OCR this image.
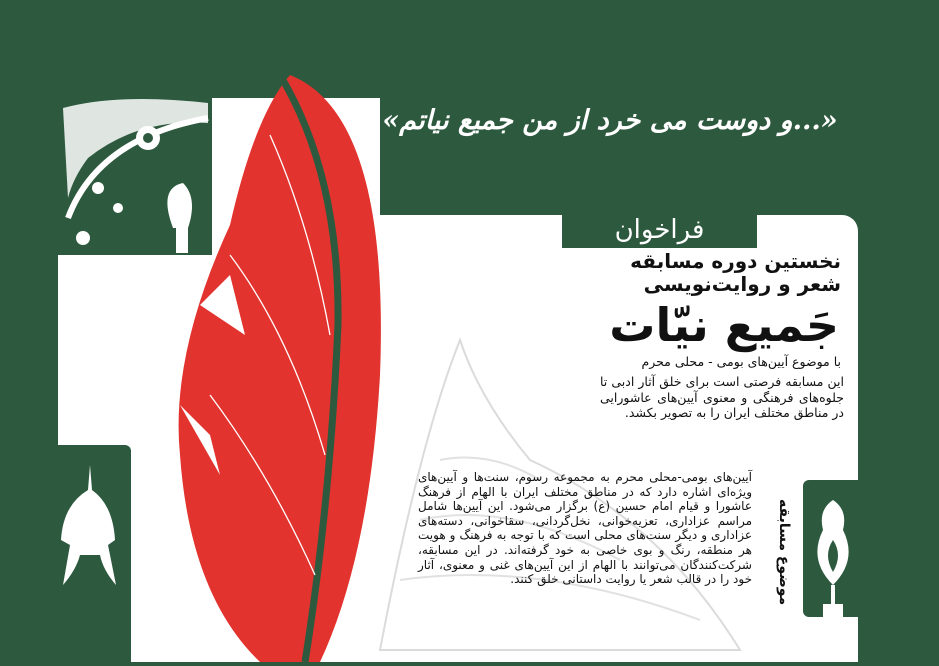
«...و دوست می خرد از من جمیع نیاتم»
فراخوان
نخستین دوره مسابقه
شعر و روایت‌نویسی
جَمیع نیّات
با موضوع آیین‌های بومی - محلی محرم
این مسابقه فرصتی است برای خلق آثار ادبی تا جلوه‌های فرهنگی و معنوی آیین‌های عاشورایی در مناطق مختلف ایران را به تصویر بکشد.
موضوع مسابقه
آیین‌های بومی-محلی محرم به مجموعه رسوم، سنت‌ها و آیین‌های ویژه‌ای اشاره دارد که در مناطق مختلف ایران با الهام از فرهنگ عاشورا و قیام امام حسین (ع) برگزار می‌شود. این آیین‌ها شامل مراسم عزاداری، تعزیه‌خوانی، نخل‌گردانی، سقاخوانی، دسته‌های عزاداری و دیگر سنت‌های محلی است که با توجه به فرهنگ و هویت هر منطقه، رنگ و بوی خاصی به خود گرفته‌اند. در این مسابقه، شرکت‌کنندگان می‌توانند با الهام از این آیین‌های غنی و معنوی، آثار خود را در قالب شعر یا روایت داستانی خلق کنند.
